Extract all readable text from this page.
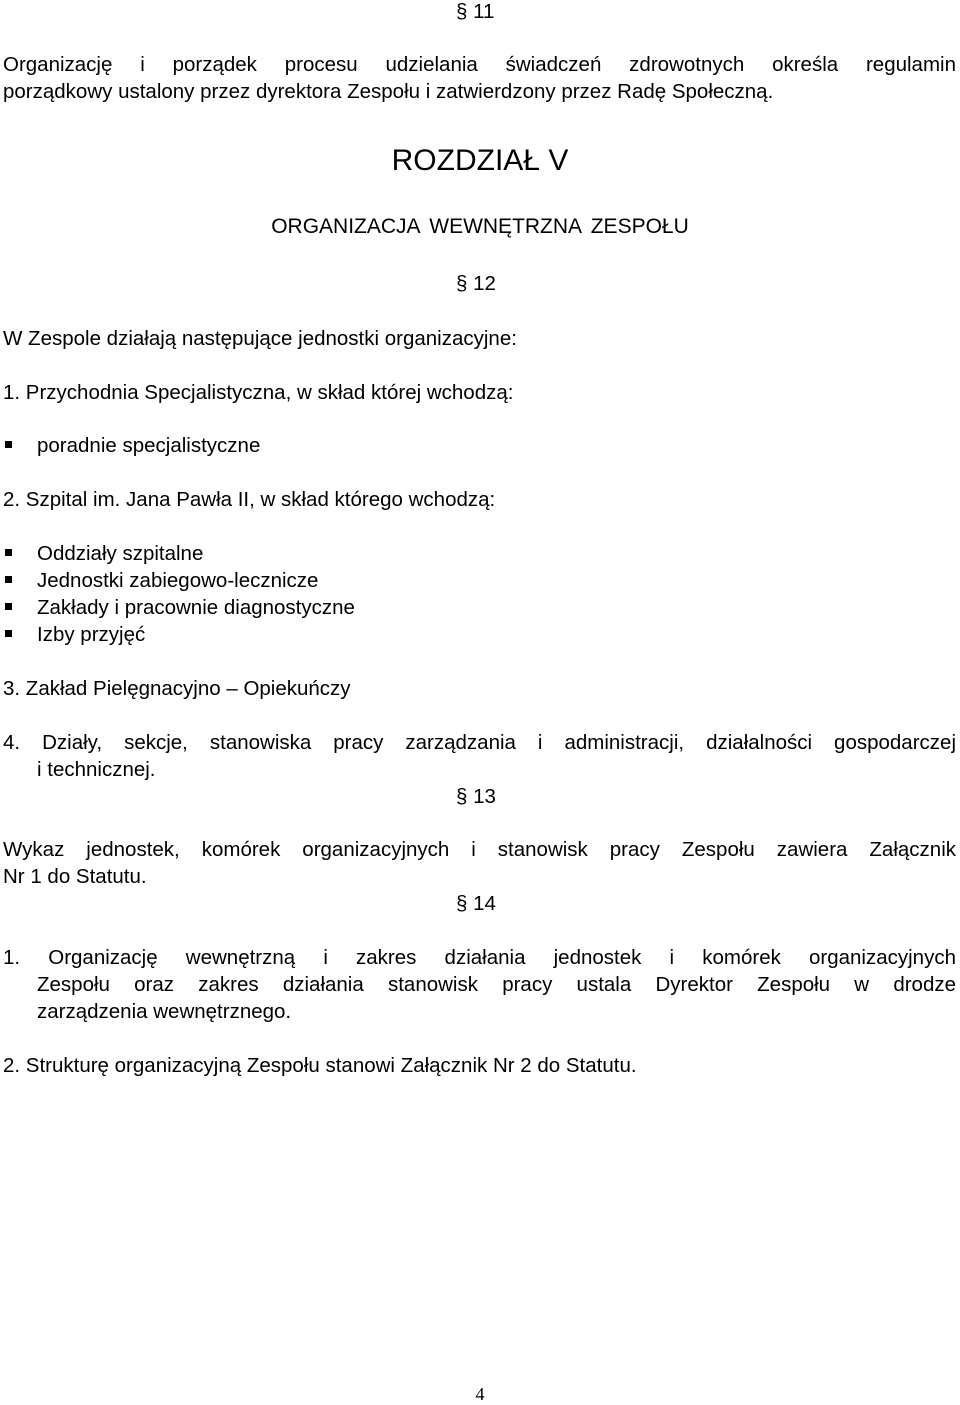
§ 11
Organizację i porządek procesu udzielania świadczeń zdrowotnych określa regulamin
porządkowy ustalony przez dyrektora Zespołu i zatwierdzony przez Radę Społeczną.
ROZDZIAŁ V
ORGANIZACJA WEWNĘTRZNA ZESPOŁU
§ 12
W Zespole działają następujące jednostki organizacyjne:
1. Przychodnia Specjalistyczna, w skład której wchodzą:
poradnie specjalistyczne
2. Szpital im. Jana Pawła II, w skład którego wchodzą:
Oddziały szpitalne
Jednostki zabiegowo-lecznicze
Zakłady i pracownie diagnostyczne
Izby przyjęć
3. Zakład Pielęgnacyjno – Opiekuńczy
4. Działy, sekcje, stanowiska pracy zarządzania i administracji, działalności gospodarczej
i technicznej.
§ 13
Wykaz jednostek, komórek organizacyjnych i stanowisk pracy Zespołu zawiera Załącznik
Nr 1 do Statutu.
§ 14
1. Organizację wewnętrzną i zakres działania jednostek i komórek organizacyjnych
Zespołu oraz zakres działania stanowisk pracy ustala Dyrektor Zespołu w drodze
zarządzenia wewnętrznego.
2. Strukturę organizacyjną Zespołu stanowi Załącznik Nr 2 do Statutu.
4
